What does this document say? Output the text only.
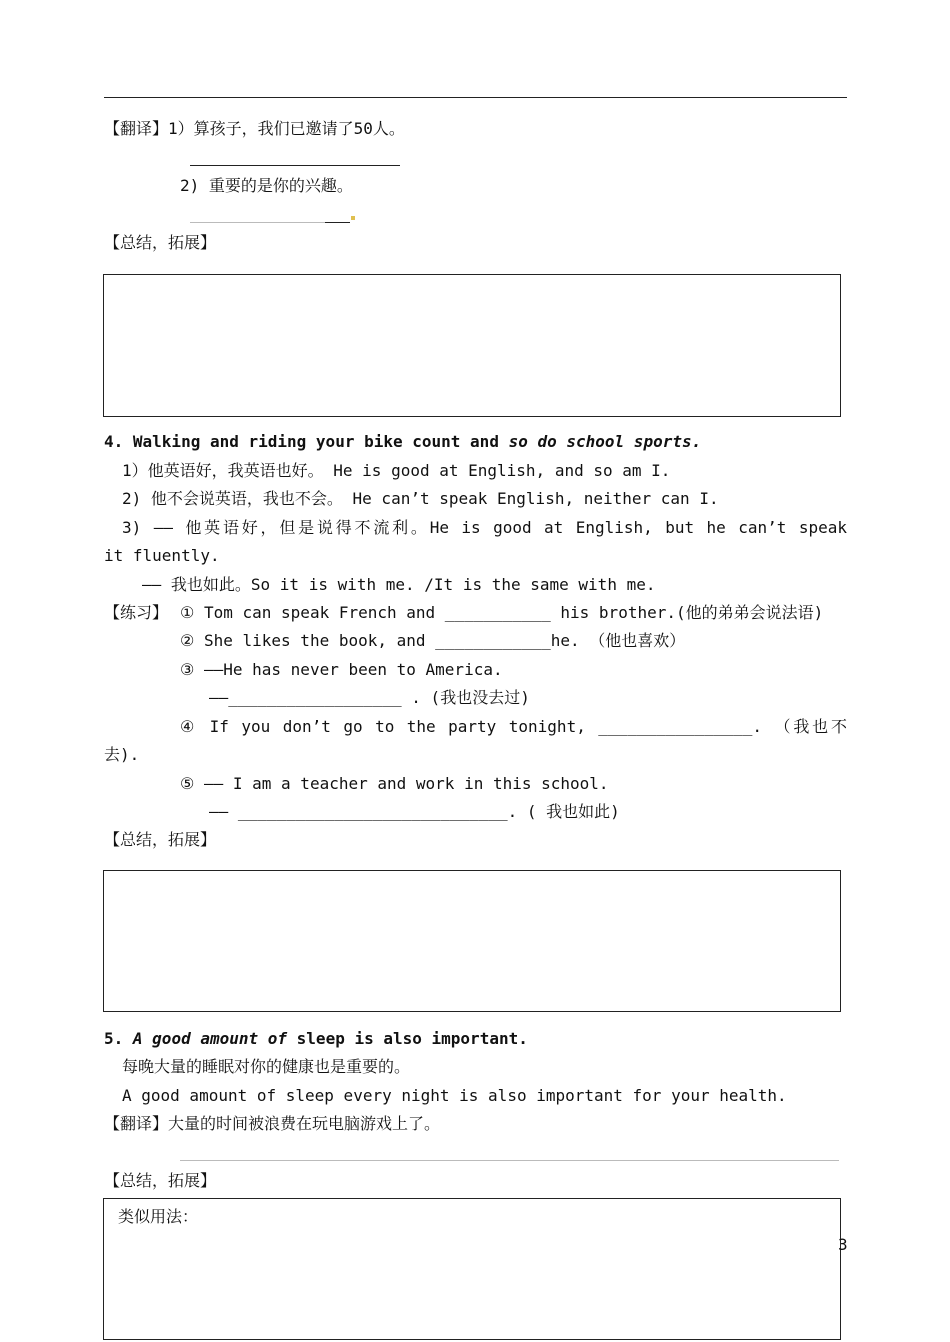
【翻译】1）算孩子，我们已邀请了50人。
2) 重要的是你的兴趣。
【总结，拓展】
4. Walking and riding your bike count and so do school sports.
1）他英语好，我英语也好。 He is good at English, and so am I.
2) 他不会说英语，我也不会。 He can’t speak English, neither can I.
3) —— 他英语好，但是说得不流利。He is good at English, but he can’t speak
it fluently.
—— 我也如此。So it is with me. /It is the same with me.
【练习】 ① Tom can speak French and ___________ his brother.(他的弟弟会说法语)
② She likes the book, and ____________he. （他也喜欢）
③ ——He has never been to America.
——__________________ . (我也没去过)
④ If you don’t go to the party tonight, ________________. （我也不
去).
⑤ —— I am a teacher and work in this school.
—— ____________________________. ( 我也如此)
【总结，拓展】
5. A good amount of sleep is also important.
每晚大量的睡眠对你的健康也是重要的。
A good amount of sleep every night is also important for your health.
【翻译】大量的时间被浪费在玩电脑游戏上了。
【总结，拓展】
类似用法：
3
